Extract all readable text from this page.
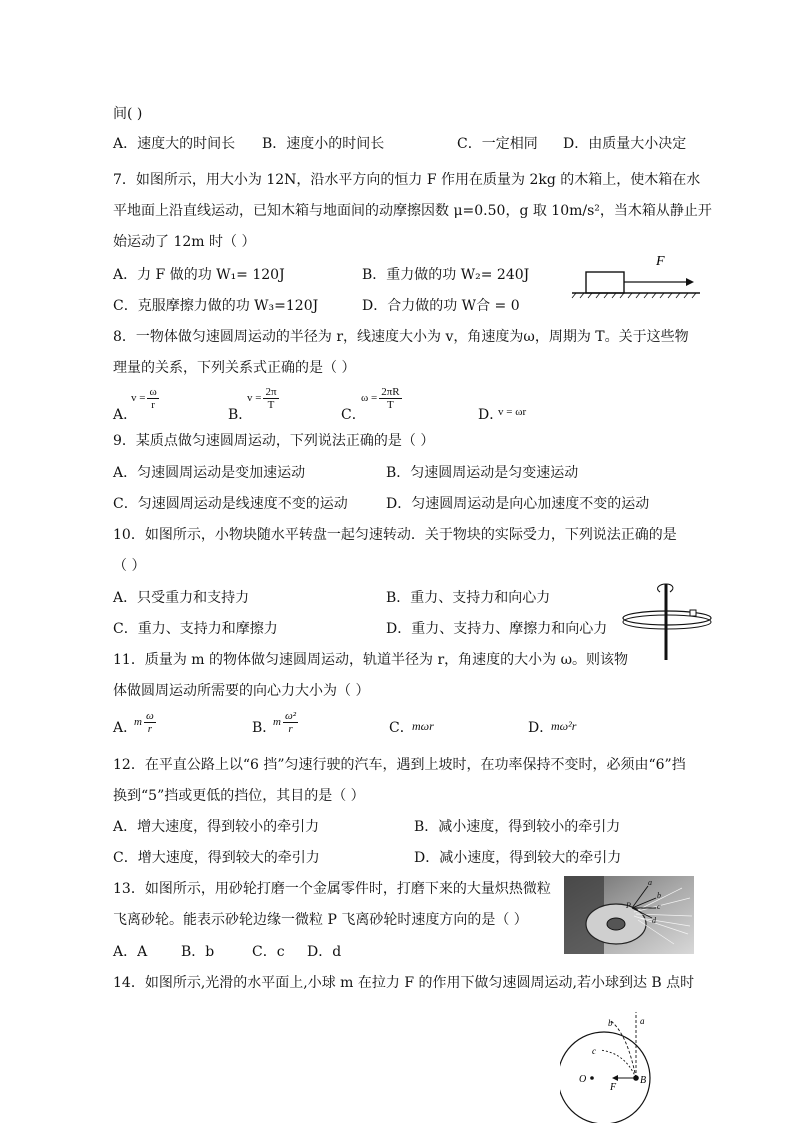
间( )
A．速度大的时间长 B．速度小的时间长	C．一定相同 D．由质量大小决定
7．如图所示，用大小为 12N，沿水平方向的恒力 F 作用在质量为 2kg 的木箱上，使木箱在水
平地面上沿直线运动，已知木箱与地面间的动摩擦因数 μ=0.50，g 取 10m/s²，当木箱从静止开
始运动了 12m 时（ ）
A．力 F 做的功 W₁= 120J	B．重力做的功 W₂= 240J
C．克服摩擦力做的功 W₃=120J	D．合力做的功 W合 = 0
F
8．一物体做匀速圆周运动的半径为 r，线速度大小为 v，角速度为ω，周期为 T。关于这些物
理量的关系，下列关系式正确的是（ ）
A．
$v = \frac{\omega}{r}$
B．
$v = \frac{2\pi}{T}$
C．
$\omega = \frac{2\pi R}{T}$
D．
v = ωr
9．某质点做匀速圆周运动，下列说法正确的是（ ）
A．匀速圆周运动是变加速运动	B．匀速圆周运动是匀变速运动
C．匀速圆周运动是线速度不变的运动	D．匀速圆周运动是向心加速度不变的运动
10．如图所示，小物块随水平转盘一起匀速转动．关于物块的实际受力，下列说法正确的是
（ ）
A．只受重力和支持力	B．重力、支持力和向心力
C．重力、支持力和摩擦力	D．重力、支持力、摩擦力和向心力
11．质量为 m 的物体做匀速圆周运动，轨道半径为 r，角速度的大小为 ω。则该物
体做圆周运动所需要的向心力大小为（ ）
A．
m $\frac{\omega}{r}$	B．
m $\frac{\text{ω²}}{r}$	C．
mωr	D．
mω²r
12．在平直公路上以“6 挡”匀速行驶的汽车，遇到上坡时，在功率保持不变时，必须由“6”挡
换到“5”挡或更低的挡位，其目的是（ ）
A．增大速度，得到较小的牵引力	B．减小速度，得到较小的牵引力
C．增大速度，得到较大的牵引力	D．减小速度，得到较大的牵引力
13．如图所示，用砂轮打磨一个金属零件时，打磨下来的大量炽热微粒
飞离砂轮。能表示砂轮边缘一微粒 P 飞离砂轮时速度方向的是（ ）
A．A B．b	C．c D．d
a
b
c
d
P
14．如图所示,光滑的水平面上,小球 m 在拉力 F 的作用下做匀速圆周运动,若小球到达 B 点时
O	B
F
a
b
c
